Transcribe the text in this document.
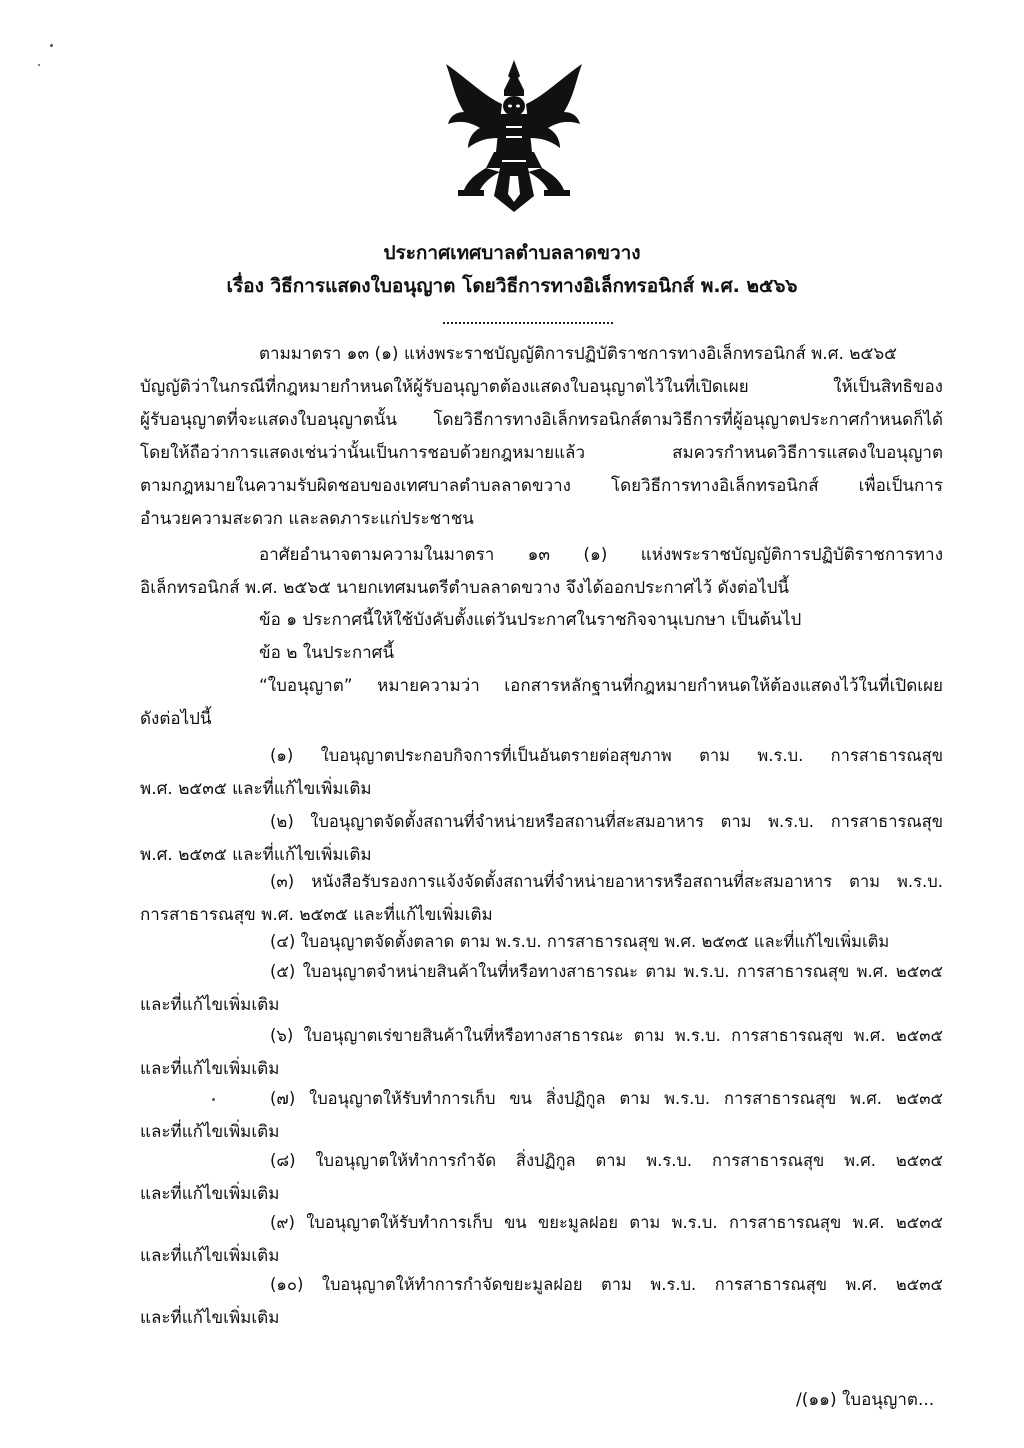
ประกาศเทศบาลตำบลลาดขวาง
เรื่อง วิธีการแสดงใบอนุญาต โดยวิธีการทางอิเล็กทรอนิกส์ พ.ศ. ๒๕๖๖
ตามมาตรา ๑๓ (๑) แห่งพระราชบัญญัติการปฏิบัติราชการทางอิเล็กทรอนิกส์ พ.ศ. ๒๕๖๕
บัญญัติว่าในกรณีที่กฎหมายกำหนดให้ผู้รับอนุญาตต้องแสดงใบอนุญาตไว้ในที่เปิดเผย ให้เป็นสิทธิของ
ผู้รับอนุญาตที่จะแสดงใบอนุญาตนั้น โดยวิธีการทางอิเล็กทรอนิกส์ตามวิธีการที่ผู้อนุญาตประกาศกำหนดก็ได้
โดยให้ถือว่าการแสดงเช่นว่านั้นเป็นการชอบด้วยกฎหมายแล้ว สมควรกำหนดวิธีการแสดงใบอนุญาต
ตามกฎหมายในความรับผิดชอบของเทศบาลตำบลลาดขวาง โดยวิธีการทางอิเล็กทรอนิกส์ เพื่อเป็นการ
อำนวยความสะดวก และลดภาระแก่ประชาชน
อาศัยอำนาจตามความในมาตรา ๑๓ (๑) แห่งพระราชบัญญัติการปฏิบัติราชการทาง
อิเล็กทรอนิกส์ พ.ศ. ๒๕๖๕ นายกเทศมนตรีตำบลลาดขวาง จึงได้ออกประกาศไว้ ดังต่อไปนี้
ข้อ ๑ ประกาศนี้ให้ใช้บังคับตั้งแต่วันประกาศในราชกิจจานุเบกษา เป็นต้นไป
ข้อ ๒ ในประกาศนี้
“ใบอนุญาต” หมายความว่า เอกสารหลักฐานที่กฎหมายกำหนดให้ต้องแสดงไว้ในที่เปิดเผย
ดังต่อไปนี้
(๑) ใบอนุญาตประกอบกิจการที่เป็นอันตรายต่อสุขภาพ ตาม พ.ร.บ. การสาธารณสุข
พ.ศ. ๒๕๓๕ และที่แก้ไขเพิ่มเติม
(๒) ใบอนุญาตจัดตั้งสถานที่จำหน่ายหรือสถานที่สะสมอาหาร ตาม พ.ร.บ. การสาธารณสุข
พ.ศ. ๒๕๓๕ และที่แก้ไขเพิ่มเติม
(๓) หนังสือรับรองการแจ้งจัดตั้งสถานที่จำหน่ายอาหารหรือสถานที่สะสมอาหาร ตาม พ.ร.บ.
การสาธารณสุข พ.ศ. ๒๕๓๕ และที่แก้ไขเพิ่มเติม
(๔) ใบอนุญาตจัดตั้งตลาด ตาม พ.ร.บ. การสาธารณสุข พ.ศ. ๒๕๓๕ และที่แก้ไขเพิ่มเติม
(๕) ใบอนุญาตจำหน่ายสินค้าในที่หรือทางสาธารณะ ตาม พ.ร.บ. การสาธารณสุข พ.ศ. ๒๕๓๕
และที่แก้ไขเพิ่มเติม
(๖) ใบอนุญาตเร่ขายสินค้าในที่หรือทางสาธารณะ ตาม พ.ร.บ. การสาธารณสุข พ.ศ. ๒๕๓๕
และที่แก้ไขเพิ่มเติม
(๗) ใบอนุญาตให้รับทำการเก็บ ขน สิ่งปฏิกูล ตาม พ.ร.บ. การสาธารณสุข พ.ศ. ๒๕๓๕
และที่แก้ไขเพิ่มเติม
(๘) ใบอนุญาตให้ทำการกำจัด สิ่งปฏิกูล ตาม พ.ร.บ. การสาธารณสุข พ.ศ. ๒๕๓๕
และที่แก้ไขเพิ่มเติม
(๙) ใบอนุญาตให้รับทำการเก็บ ขน ขยะมูลฝอย ตาม พ.ร.บ. การสาธารณสุข พ.ศ. ๒๕๓๕
และที่แก้ไขเพิ่มเติม
(๑๐) ใบอนุญาตให้ทำการกำจัดขยะมูลฝอย ตาม พ.ร.บ. การสาธารณสุข พ.ศ. ๒๕๓๕
และที่แก้ไขเพิ่มเติม
/(๑๑) ใบอนุญาต...
